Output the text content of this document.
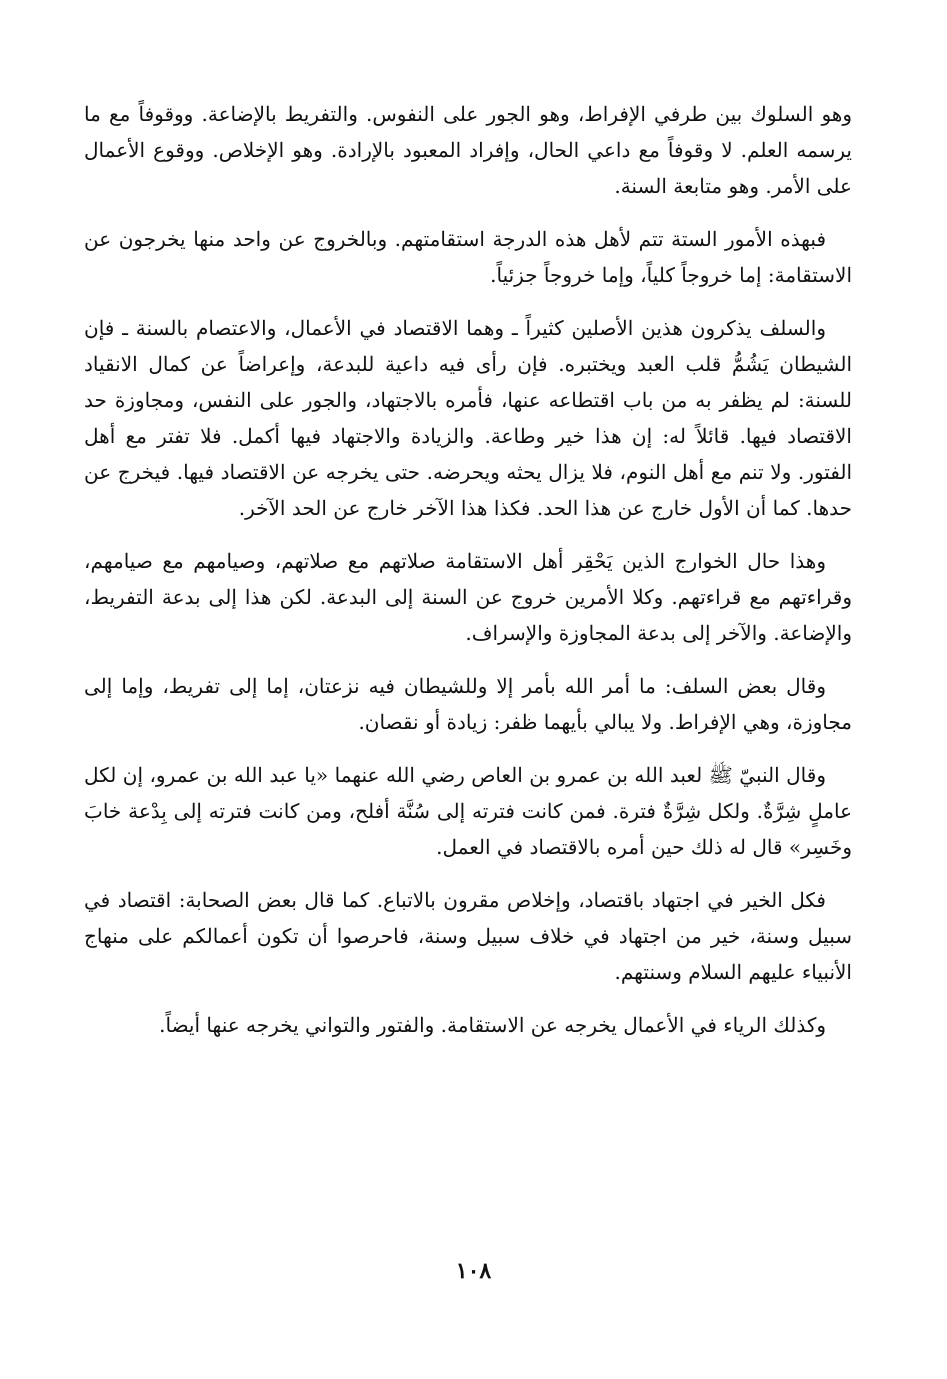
وهو السلوك بين طرفي الإفراط، وهو الجور على النفوس. والتفريط بالإضاعة. ووقوفاً مع ما يرسمه العلم. لا وقوفاً مع داعي الحال، وإفراد المعبود بالإرادة. وهو الإخلاص. ووقوع الأعمال على الأمر. وهو متابعة السنة.

فبهذه الأمور الستة تتم لأهل هذه الدرجة استقامتهم. وبالخروج عن واحد منها يخرجون عن الاستقامة: إما خروجاً كلياً، وإما خروجاً جزئياً.

والسلف يذكرون هذين الأصلين كثيراً ـ وهما الاقتصاد في الأعمال، والاعتصام بالسنة ـ فإن الشيطان يَشُمُّ قلب العبد ويختبره. فإن رأى فيه داعية للبدعة، وإعراضاً عن كمال الانقياد للسنة: لم يظفر به من باب اقتطاعه عنها، فأمره بالاجتهاد، والجور على النفس، ومجاوزة حد الاقتصاد فيها. قائلاً له: إن هذا خير وطاعة. والزيادة والاجتهاد فيها أكمل. فلا تفتر مع أهل الفتور. ولا تنم مع أهل النوم، فلا يزال يحثه ويحرضه. حتى يخرجه عن الاقتصاد فيها. فيخرج عن حدها. كما أن الأول خارج عن هذا الحد. فكذا هذا الآخر خارج عن الحد الآخر.

وهذا حال الخوارج الذين يَحْقِر أهل الاستقامة صلاتهم مع صلاتهم، وصيامهم مع صيامهم، وقراءتهم مع قراءتهم. وكلا الأمرين خروج عن السنة إلى البدعة. لكن هذا إلى بدعة التفريط، والإضاعة. والآخر إلى بدعة المجاوزة والإسراف.

وقال بعض السلف: ما أمر الله بأمر إلا وللشيطان فيه نزعتان، إما إلى تفريط، وإما إلى مجاوزة، وهي الإفراط. ولا يبالي بأيهما ظفر: زيادة أو نقصان.

وقال النبيّ ﷺ لعبد الله بن عمرو بن العاص رضي الله عنهما «يا عبد الله بن عمرو، إن لكل عاملٍ شِرَّةٌ. ولكل شِرَّةٌ فترة. فمن كانت فترته إلى سُنَّة أفلح، ومن كانت فترته إلى بِدْعة خابَ وخَسِر» قال له ذلك حين أمره بالاقتصاد في العمل.

فكل الخير في اجتهاد باقتصاد، وإخلاص مقرون بالاتباع. كما قال بعض الصحابة: اقتصاد في سبيل وسنة، خير من اجتهاد في خلاف سبيل وسنة، فاحرصوا أن تكون أعمالكم على منهاج الأنبياء عليهم السلام وسنتهم.

وكذلك الرياء في الأعمال يخرجه عن الاستقامة. والفتور والتواني يخرجه عنها أيضاً.

١٠٨
